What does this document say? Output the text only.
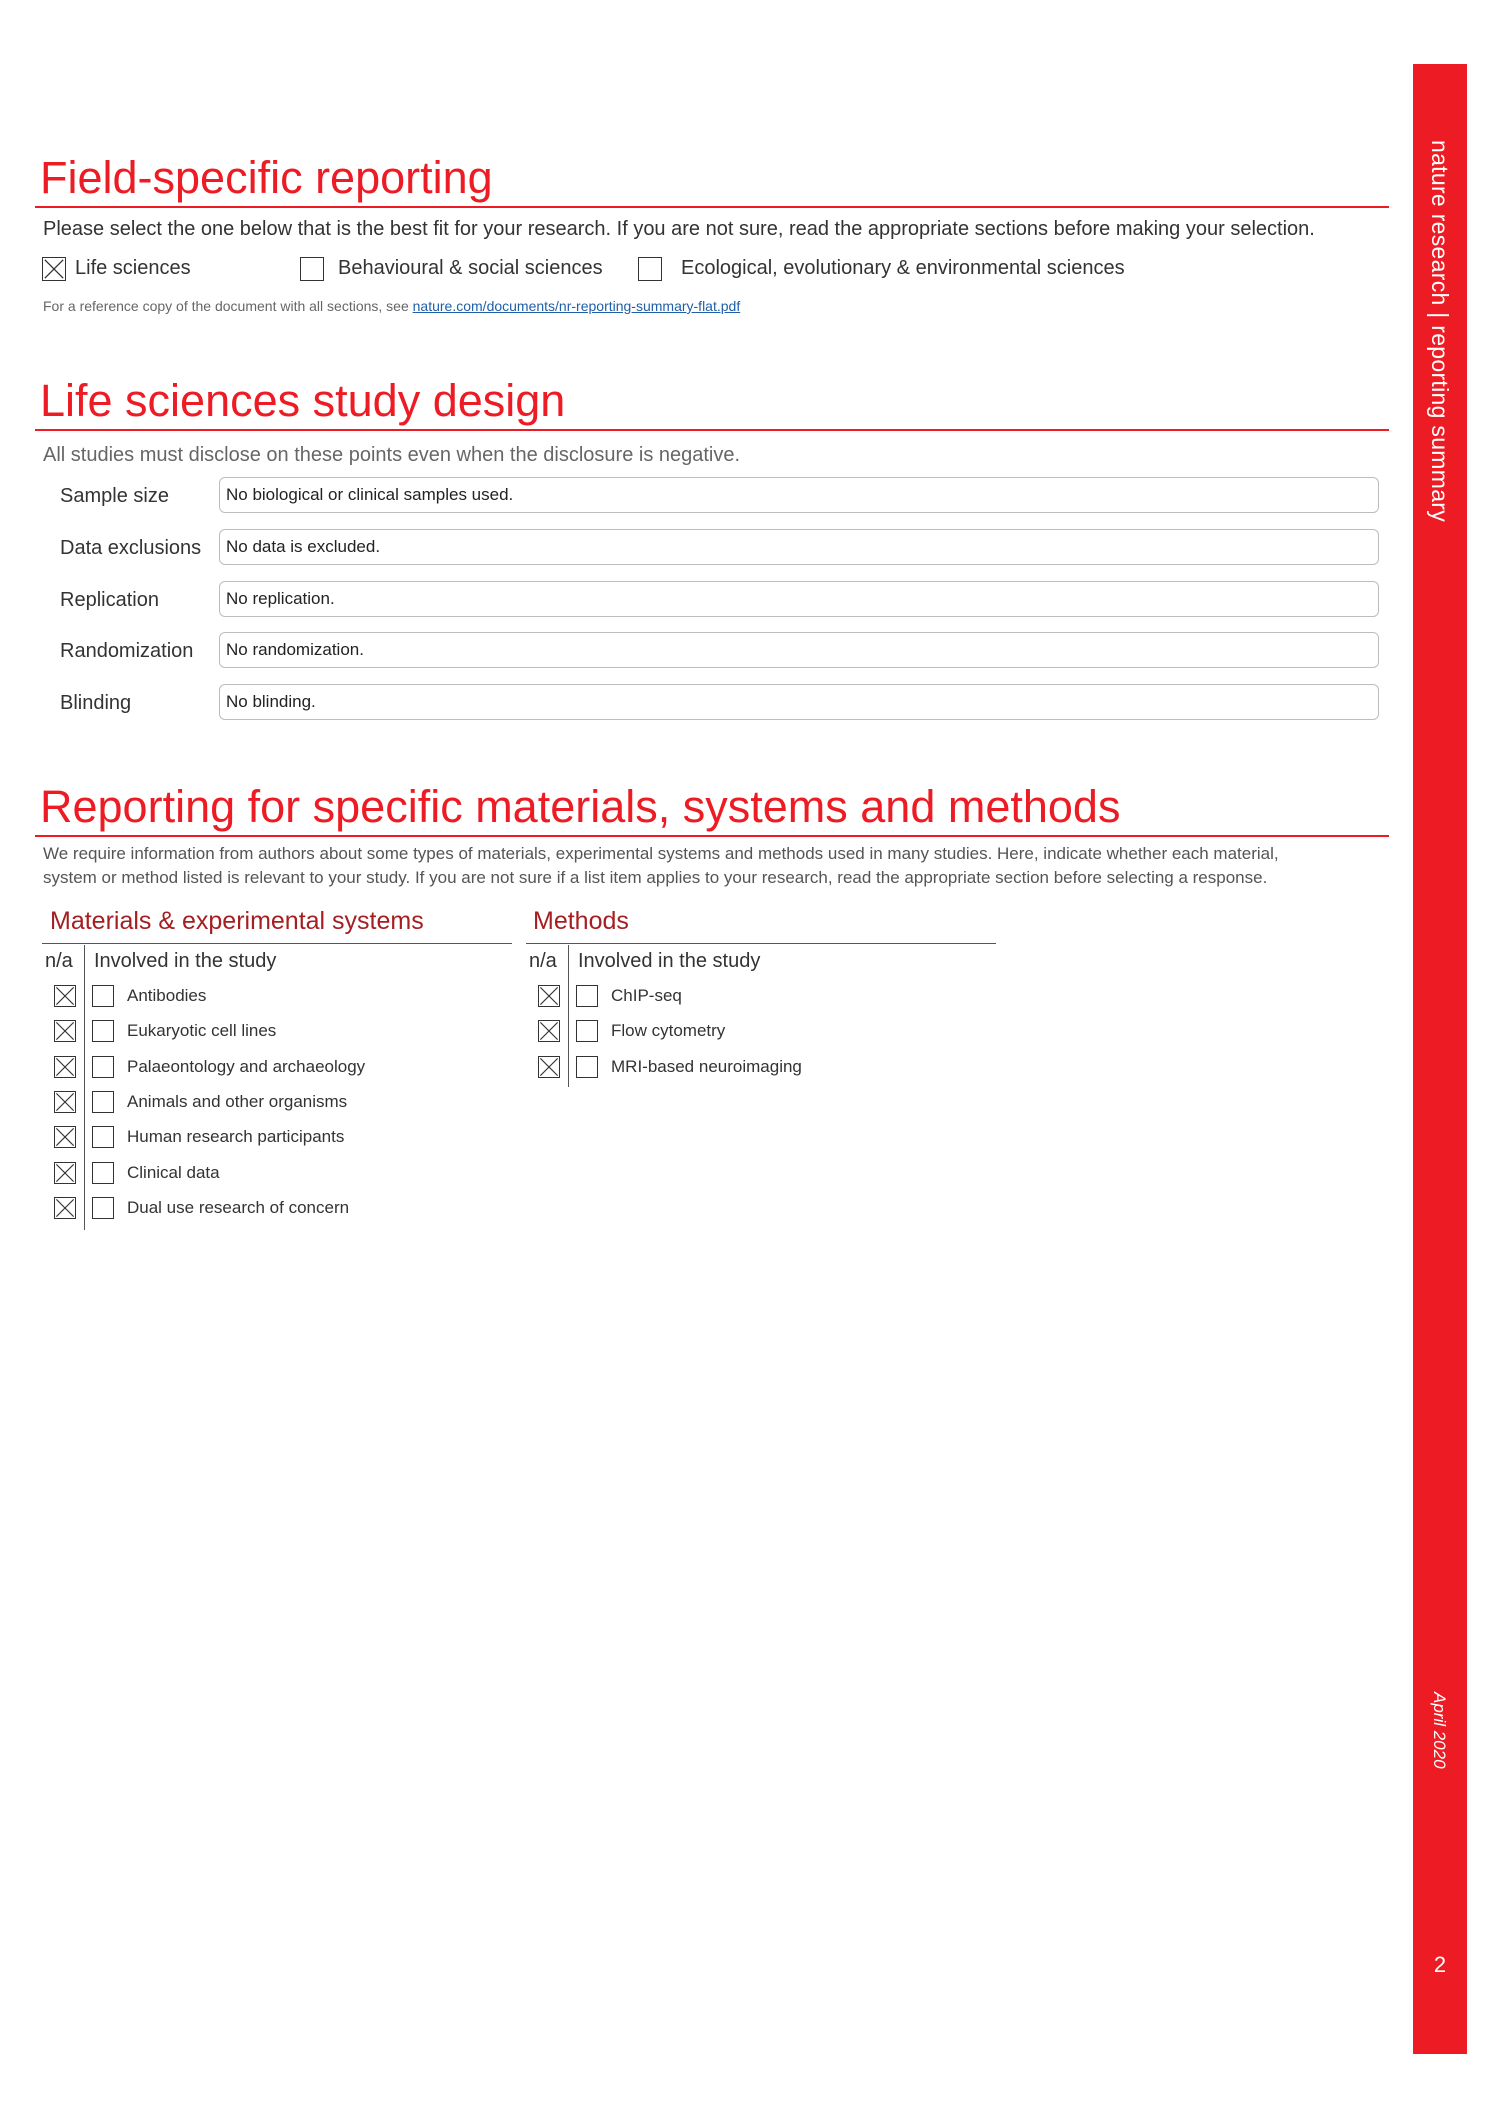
nature research | reporting summary
April 2020
2
Field-specific reporting
Please select the one below that is the best fit for your research. If you are not sure, read the appropriate sections before making your selection.
Life sciences	Behavioural & social sciences	Ecological, evolutionary & environmental sciences
For a reference copy of the document with all sections, see nature.com/documents/nr-reporting-summary-flat.pdf
Life sciences study design
All studies must disclose on these points even when the disclosure is negative.
Sample size	No biological or clinical samples used.
Data exclusions	No data is excluded.
Replication	No replication.
Randomization	No randomization.
Blinding	No blinding.
Reporting for specific materials, systems and methods
We require information from authors about some types of materials, experimental systems and methods used in many studies. Here, indicate whether each material,
system or method listed is relevant to your study. If you are not sure if a list item applies to your research, read the appropriate section before selecting a response.
Materials & experimental systems
n/a Involved in the study
Antibodies
Eukaryotic cell lines
Palaeontology and archaeology
Animals and other organisms
Human research participants
Clinical data
Dual use research of concern
Methods
n/a Involved in the study
ChIP-seq
Flow cytometry
MRI-based neuroimaging
